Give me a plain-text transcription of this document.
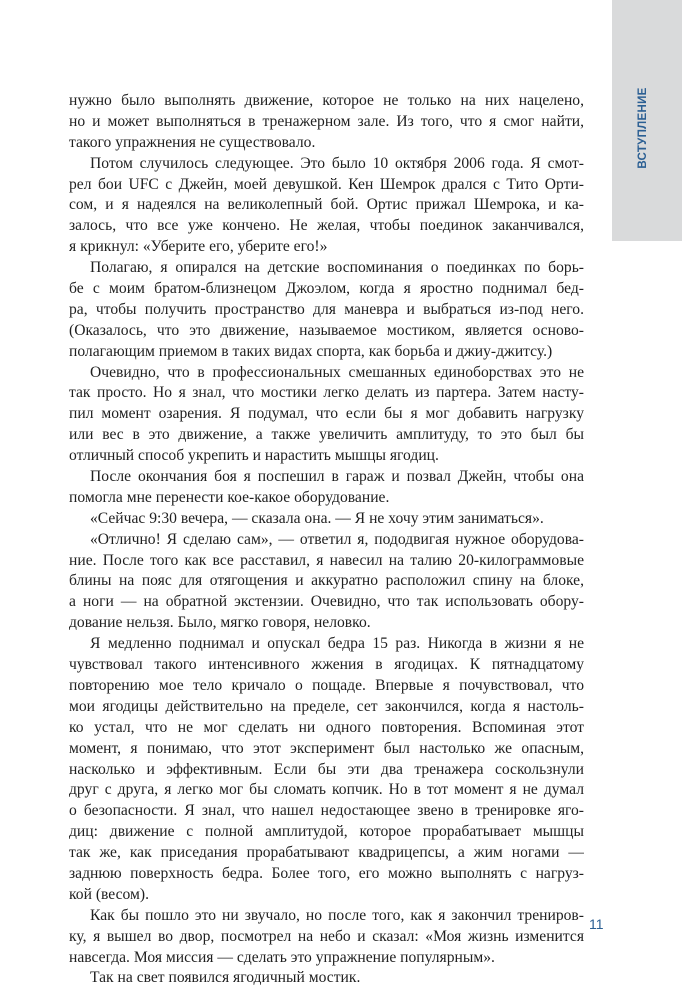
ВСТУПЛЕНИЕ
нужно было выполнять движение, которое не только на них нацелено,
но и может выполняться в тренажерном зале. Из того, что я смог найти,
такого упражнения не существовало.
Потом случилось следующее. Это было 10 октября 2006 года. Я смот-
рел бои UFC с Джейн, моей девушкой. Кен Шемрок дрался с Тито Орти-
сом, и я надеялся на великолепный бой. Ортис прижал Шемрока, и ка-
залось, что все уже кончено. Не желая, чтобы поединок заканчивался,
я крикнул: «Уберите его, уберите его!»
Полагаю, я опирался на детские воспоминания о поединках по борь-
бе с моим братом-близнецом Джоэлом, когда я яростно поднимал бед-
ра, чтобы получить пространство для маневра и выбраться из-под него.
(Оказалось, что это движение, называемое мостиком, является осново-
полагающим приемом в таких видах спорта, как борьба и джиу-джитсу.)
Очевидно, что в профессиональных смешанных единоборствах это не
так просто. Но я знал, что мостики легко делать из партера. Затем насту-
пил момент озарения. Я подумал, что если бы я мог добавить нагрузку
или вес в это движение, а также увеличить амплитуду, то это был бы
отличный способ укрепить и нарастить мышцы ягодиц.
После окончания боя я поспешил в гараж и позвал Джейн, чтобы она
помогла мне перенести кое-какое оборудование.
«Сейчас 9:30 вечера, — сказала она. — Я не хочу этим заниматься».
«Отлично! Я сделаю сам», — ответил я, пододвигая нужное оборудова-
ние. После того как все расставил, я навесил на талию 20-килограммовые
блины на пояс для отягощения и аккуратно расположил спину на блоке,
а ноги — на обратной экстензии. Очевидно, что так использовать обору-
дование нельзя. Было, мягко говоря, неловко.
Я медленно поднимал и опускал бедра 15 раз. Никогда в жизни я не
чувствовал такого интенсивного жжения в ягодицах. К пятнадцатому
повторению мое тело кричало о пощаде. Впервые я почувствовал, что
мои ягодицы действительно на пределе, сет закончился, когда я настоль-
ко устал, что не мог сделать ни одного повторения. Вспоминая этот
момент, я понимаю, что этот эксперимент был настолько же опасным,
насколько и эффективным. Если бы эти два тренажера соскользнули
друг с друга, я легко мог бы сломать копчик. Но в тот момент я не думал
о безопасности. Я знал, что нашел недостающее звено в тренировке яго-
диц: движение с полной амплитудой, которое прорабатывает мышцы
так же, как приседания прорабатывают квадрицепсы, а жим ногами —
заднюю поверхность бедра. Более того, его можно выполнять с нагруз-
кой (весом).
Как бы пошло это ни звучало, но после того, как я закончил трениров-
ку, я вышел во двор, посмотрел на небо и сказал: «Моя жизнь изменится
навсегда. Моя миссия — сделать это упражнение популярным».
Так на свет появился ягодичный мостик.
11
